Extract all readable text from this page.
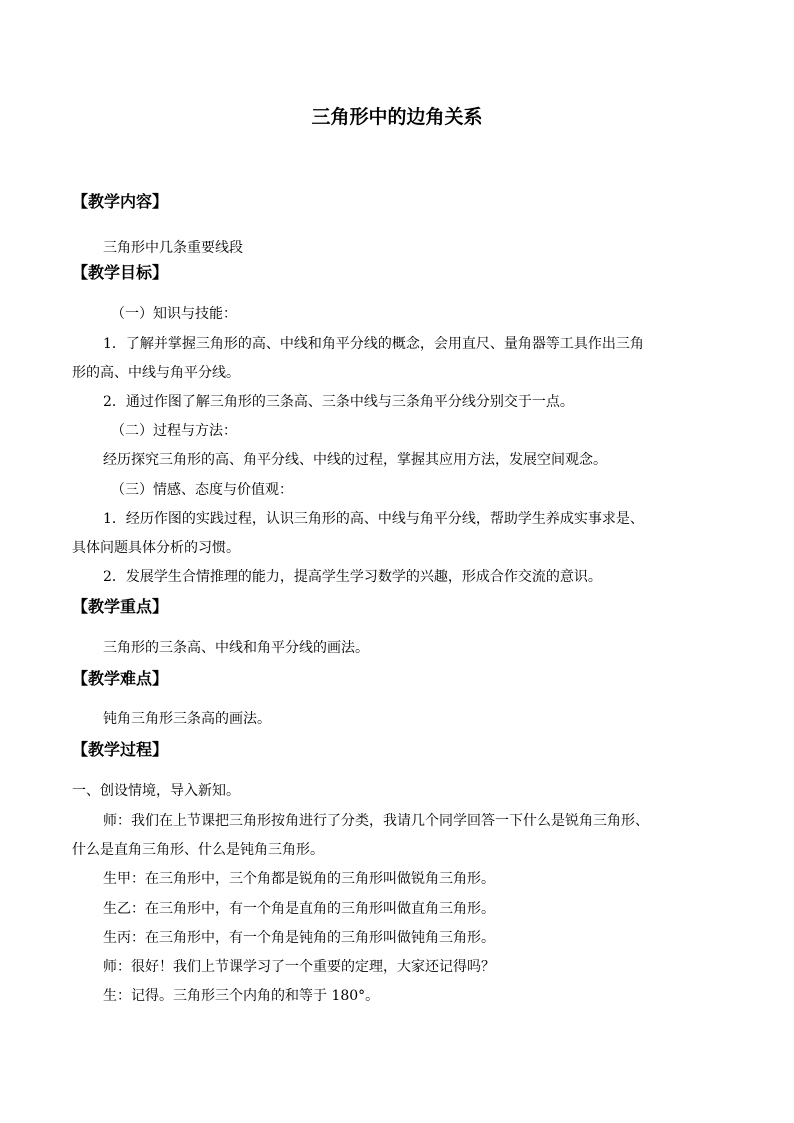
三角形中的边角关系
【教学内容】
三角形中几条重要线段
【教学目标】
（一）知识与技能：
1．了解并掌握三角形的高、中线和角平分线的概念，会用直尺、量角器等工具作出三角
形的高、中线与角平分线。
2．通过作图了解三角形的三条高、三条中线与三条角平分线分别交于一点。
（二）过程与方法：
经历探究三角形的高、角平分线、中线的过程，掌握其应用方法，发展空间观念。
（三）情感、态度与价值观：
1．经历作图的实践过程，认识三角形的高、中线与角平分线，帮助学生养成实事求是、
具体问题具体分析的习惯。
2．发展学生合情推理的能力，提高学生学习数学的兴趣，形成合作交流的意识。
【教学重点】
三角形的三条高、中线和角平分线的画法。
【教学难点】
钝角三角形三条高的画法。
【教学过程】
一、创设情境，导入新知。
师：我们在上节课把三角形按角进行了分类，我请几个同学回答一下什么是锐角三角形、
什么是直角三角形、什么是钝角三角形。
生甲：在三角形中，三个角都是锐角的三角形叫做锐角三角形。
生乙：在三角形中，有一个角是直角的三角形叫做直角三角形。
生丙：在三角形中，有一个角是钝角的三角形叫做钝角三角形。
师：很好！我们上节课学习了一个重要的定理，大家还记得吗？
生：记得。三角形三个内角的和等于 180°。
